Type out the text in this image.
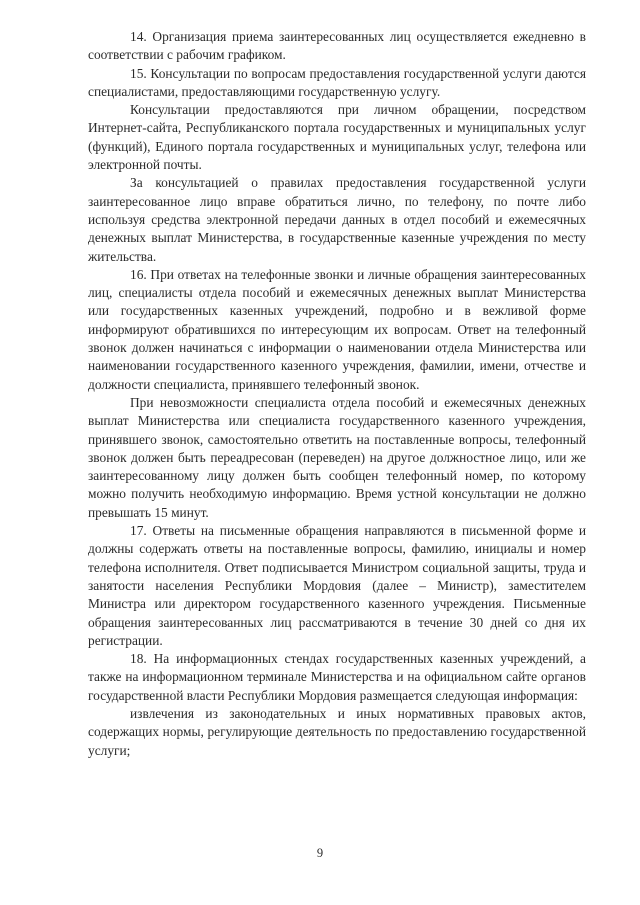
14. Организация приема заинтересованных лиц осуществляется ежедневно в соответствии с рабочим графиком.

15. Консультации по вопросам предоставления государственной услуги даются специалистами, предоставляющими государственную услугу.

Консультации предоставляются при личном обращении, посредством Интернет-сайта, Республиканского портала государственных и муниципальных услуг (функций), Единого портала государственных и муниципальных услуг, телефона или электронной почты.

За консультацией о правилах предоставления государственной услуги заинтересованное лицо вправе обратиться лично, по телефону, по почте либо используя средства электронной передачи данных в отдел пособий и ежемесячных денежных выплат Министерства, в государственные казенные учреждения по месту жительства.

16. При ответах на телефонные звонки и личные обращения заинтересованных лиц, специалисты отдела пособий и ежемесячных денежных выплат Министерства или государственных казенных учреждений, подробно и в вежливой форме информируют обратившихся по интересующим их вопросам. Ответ на телефонный звонок должен начинаться с информации о наименовании отдела Министерства или наименовании государственного казенного учреждения, фамилии, имени, отчестве и должности специалиста, принявшего телефонный звонок.

При невозможности специалиста отдела пособий и ежемесячных денежных выплат Министерства или специалиста государственного казенного учреждения, принявшего звонок, самостоятельно ответить на поставленные вопросы, телефонный звонок должен быть переадресован (переведен) на другое должностное лицо, или же заинтересованному лицу должен быть сообщен телефонный номер, по которому можно получить необходимую информацию. Время устной консультации не должно превышать 15 минут.

17. Ответы на письменные обращения направляются в письменной форме и должны содержать ответы на поставленные вопросы, фамилию, инициалы и номер телефона исполнителя. Ответ подписывается Министром социальной защиты, труда и занятости населения Республики Мордовия (далее – Министр), заместителем Министра или директором государственного казенного учреждения. Письменные обращения заинтересованных лиц рассматриваются в течение 30 дней со дня их регистрации.

18. На информационных стендах государственных казенных учреждений, а также на информационном терминале Министерства и на официальном сайте органов государственной власти Республики Мордовия размещается следующая информация:

извлечения из законодательных и иных нормативных правовых актов, содержащих нормы, регулирующие деятельность по предоставлению государственной услуги;

9
